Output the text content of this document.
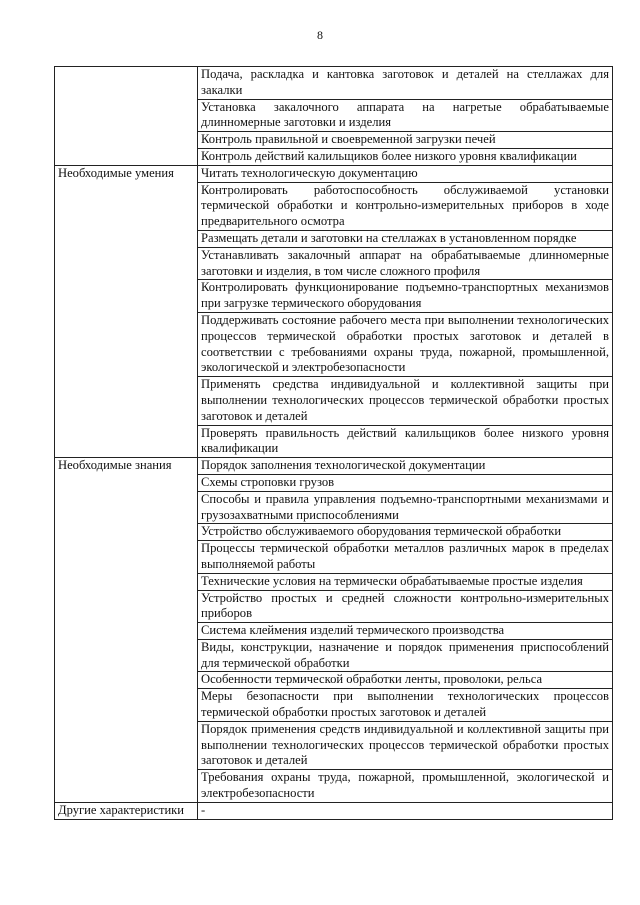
8
	Подача, раскладка и кантовка заготовок и деталей на стеллажах для закалки
	Установка закалочного аппарата на нагретые обрабатываемые длинномерные заготовки и изделия
	Контроль правильной и своевременной загрузки печей
	Контроль действий калильщиков более низкого уровня квалификации
Необходимые умения	Читать технологическую документацию
	Контролировать работоспособность обслуживаемой установки термической обработки и контрольно-измерительных приборов в ходе предварительного осмотра
	Размещать детали и заготовки на стеллажах в установленном порядке
	Устанавливать закалочный аппарат на обрабатываемые длинномерные заготовки и изделия, в том числе сложного профиля
	Контролировать функционирование подъемно-транспортных механизмов при загрузке термического оборудования
	Поддерживать состояние рабочего места при выполнении технологических процессов термической обработки простых заготовок и деталей в соответствии с требованиями охраны труда, пожарной, промышленной, экологической и электробезопасности
	Применять средства индивидуальной и коллективной защиты при выполнении технологических процессов термической обработки простых заготовок и деталей
	Проверять правильность действий калильщиков более низкого уровня квалификации
Необходимые знания	Порядок заполнения технологической документации
	Схемы строповки грузов
	Способы и правила управления подъемно-транспортными механизмами и грузозахватными приспособлениями
	Устройство обслуживаемого оборудования термической обработки
	Процессы термической обработки металлов различных марок в пределах выполняемой работы
	Технические условия на термически обрабатываемые простые изделия
	Устройство простых и средней сложности контрольно-измерительных приборов
	Система клеймения изделий термического производства
	Виды, конструкции, назначение и порядок применения приспособлений для термической обработки
	Особенности термической обработки ленты, проволоки, рельса
	Меры безопасности при выполнении технологических процессов термической обработки простых заготовок и деталей
	Порядок применения средств индивидуальной и коллективной защиты при выполнении технологических процессов термической обработки простых заготовок и деталей
	Требования охраны труда, пожарной, промышленной, экологической и электробезопасности
Другие характеристики	-
